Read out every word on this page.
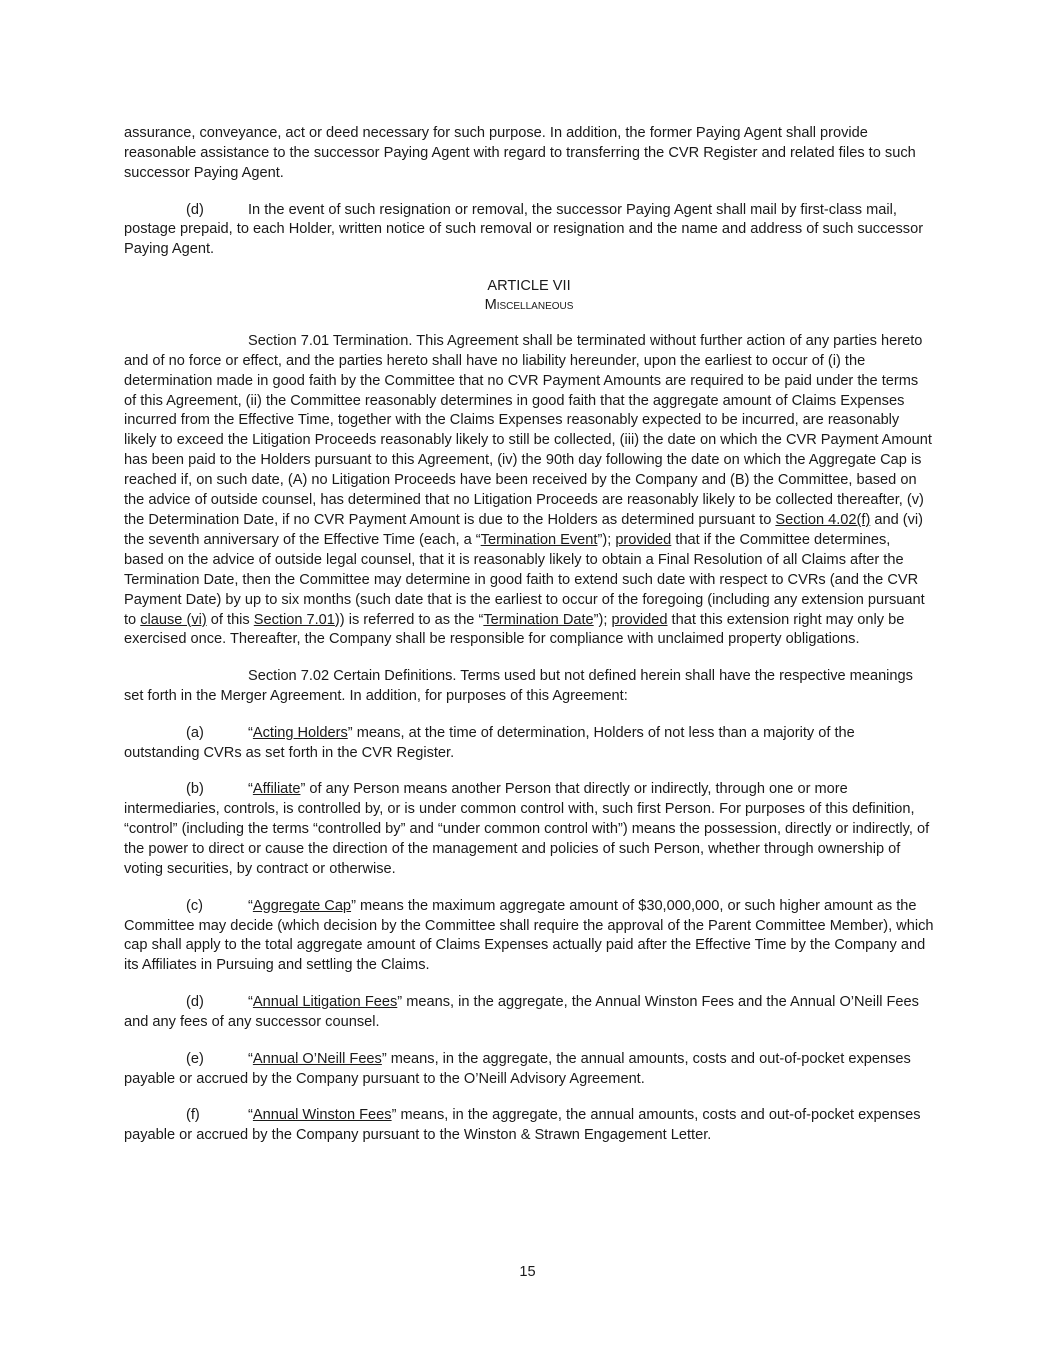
assurance, conveyance, act or deed necessary for such purpose. In addition, the former Paying Agent shall provide reasonable assistance to the successor Paying Agent with regard to transferring the CVR Register and related files to such successor Paying Agent.

(d)	In the event of such resignation or removal, the successor Paying Agent shall mail by first-class mail, postage prepaid, to each Holder, written notice of such removal or resignation and the name and address of such successor Paying Agent.

ARTICLE VII

Miscellaneous

Section 7.01 Termination. This Agreement shall be terminated without further action of any parties hereto and of no force or effect, and the parties hereto shall have no liability hereunder, upon the earliest to occur of (i) the determination made in good faith by the Committee that no CVR Payment Amounts are required to be paid under the terms of this Agreement, (ii) the Committee reasonably determines in good faith that the aggregate amount of Claims Expenses incurred from the Effective Time, together with the Claims Expenses reasonably expected to be incurred, are reasonably likely to exceed the Litigation Proceeds reasonably likely to still be collected, (iii) the date on which the CVR Payment Amount has been paid to the Holders pursuant to this Agreement, (iv) the 90th day following the date on which the Aggregate Cap is reached if, on such date, (A) no Litigation Proceeds have been received by the Company and (B) the Committee, based on the advice of outside counsel, has determined that no Litigation Proceeds are reasonably likely to be collected thereafter, (v) the Determination Date, if no CVR Payment Amount is due to the Holders as determined pursuant to Section 4.02(f) and (vi) the seventh anniversary of the Effective Time (each, a “Termination Event”); provided that if the Committee determines, based on the advice of outside legal counsel, that it is reasonably likely to obtain a Final Resolution of all Claims after the Termination Date, then the Committee may determine in good faith to extend such date with respect to CVRs (and the CVR Payment Date) by up to six months (such date that is the earliest to occur of the foregoing (including any extension pursuant to clause (vi) of this Section 7.01)) is referred to as the “Termination Date”); provided that this extension right may only be exercised once. Thereafter, the Company shall be responsible for compliance with unclaimed property obligations.

Section 7.02 Certain Definitions. Terms used but not defined herein shall have the respective meanings set forth in the Merger Agreement. In addition, for purposes of this Agreement:

(a)	“Acting Holders” means, at the time of determination, Holders of not less than a majority of the outstanding CVRs as set forth in the CVR Register.

(b)	“Affiliate” of any Person means another Person that directly or indirectly, through one or more intermediaries, controls, is controlled by, or is under common control with, such first Person. For purposes of this definition, “control” (including the terms “controlled by” and “under common control with”) means the possession, directly or indirectly, of the power to direct or cause the direction of the management and policies of such Person, whether through ownership of voting securities, by contract or otherwise.

(c)	“Aggregate Cap” means the maximum aggregate amount of $30,000,000, or such higher amount as the Committee may decide (which decision by the Committee shall require the approval of the Parent Committee Member), which cap shall apply to the total aggregate amount of Claims Expenses actually paid after the Effective Time by the Company and its Affiliates in Pursuing and settling the Claims.

(d)	“Annual Litigation Fees” means, in the aggregate, the Annual Winston Fees and the Annual O’Neill Fees and any fees of any successor counsel.

(e)	“Annual O’Neill Fees” means, in the aggregate, the annual amounts, costs and out-of-pocket expenses payable or accrued by the Company pursuant to the O’Neill Advisory Agreement.

(f)	“Annual Winston Fees” means, in the aggregate, the annual amounts, costs and out-of-pocket expenses payable or accrued by the Company pursuant to the Winston & Strawn Engagement Letter.

15
